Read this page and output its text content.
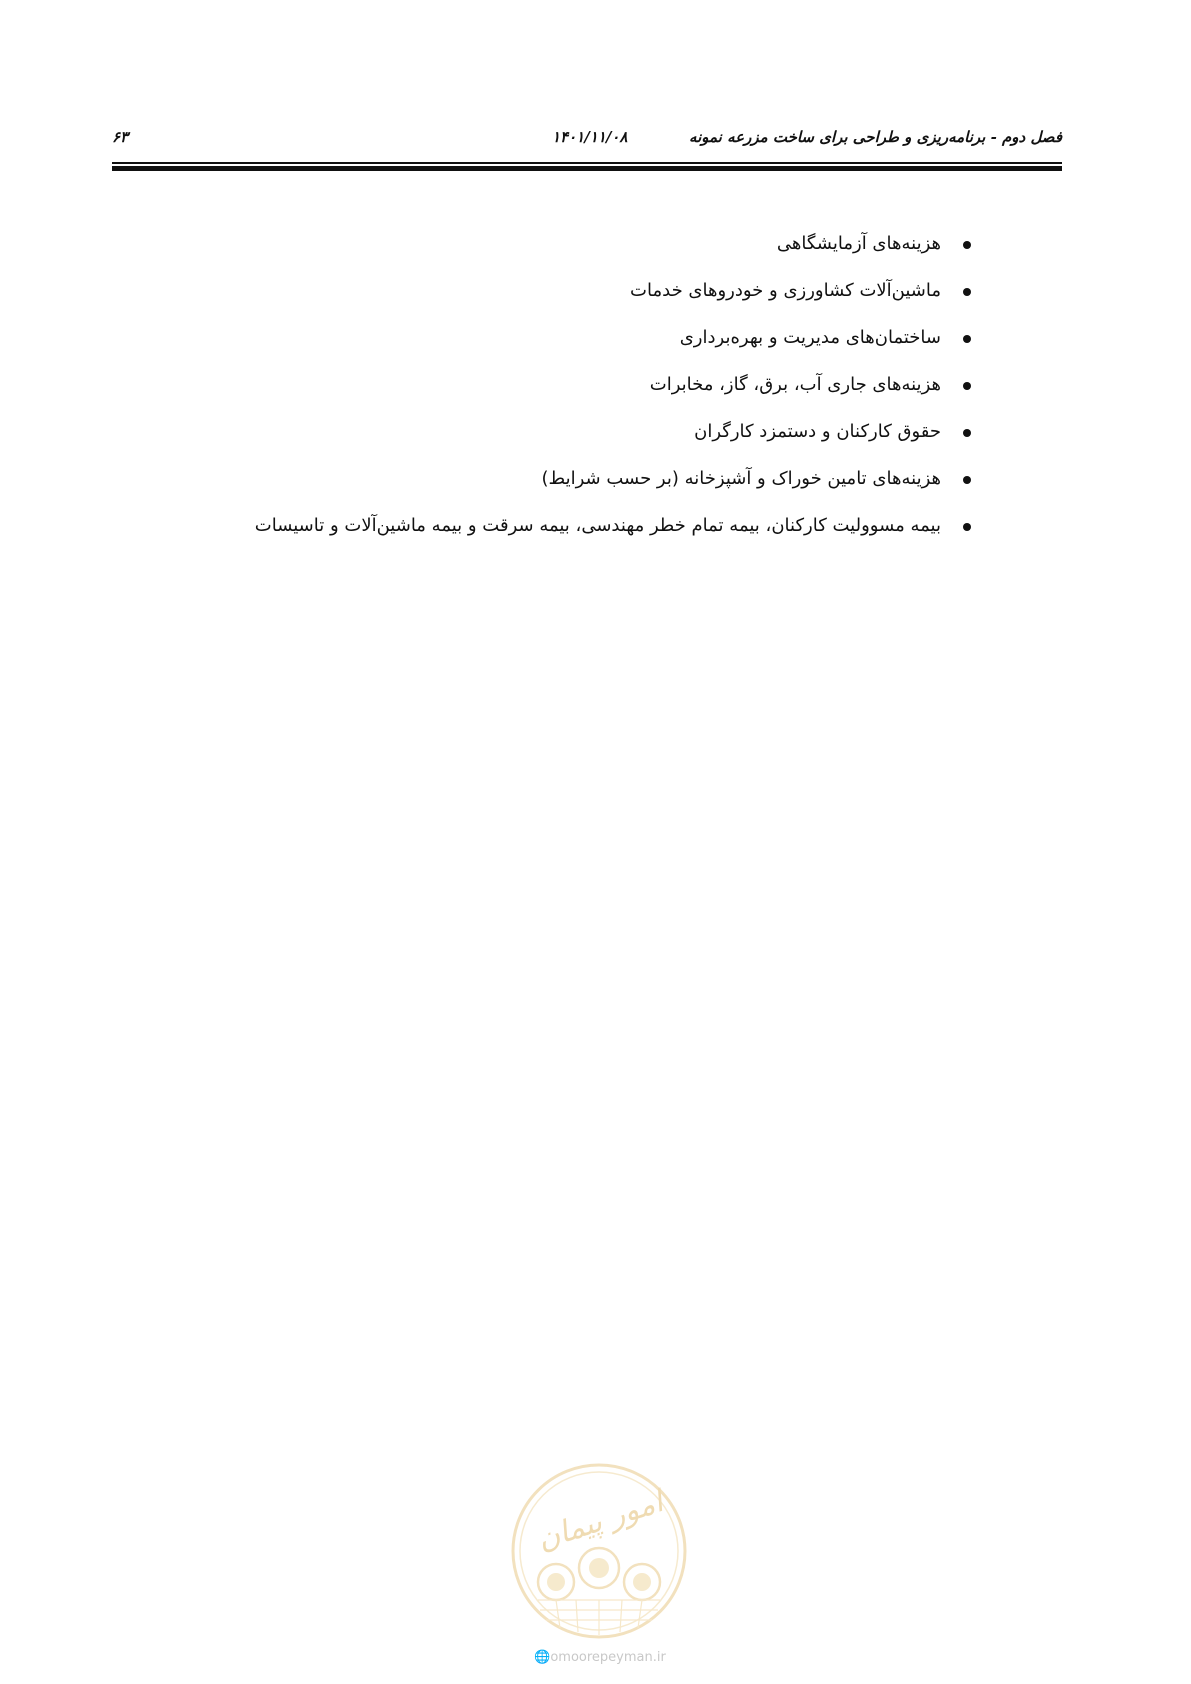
فصل دوم - برنامه‌ریزی و طراحی برای ساخت مزرعه نمونه
۱۴۰۱/۱۱/۰۸
۶۳
هزینه‌های آزمایشگاهی
ماشین‌آلات کشاورزی و خودروهای خدمات
ساختمان‌های مدیریت و بهره‌برداری
هزینه‌های جاری آب، برق، گاز، مخابرات
حقوق کارکنان و دستمزد کارگران
هزینه‌های تامین خوراک و آشپزخانه (بر حسب شرایط)
بیمه مسوولیت کارکنان، بیمه تمام خطر مهندسی، بیمه سرقت و بیمه ماشین‌آلات و تاسیسات
امور پیمان
🌐omoorepeyman.ir
